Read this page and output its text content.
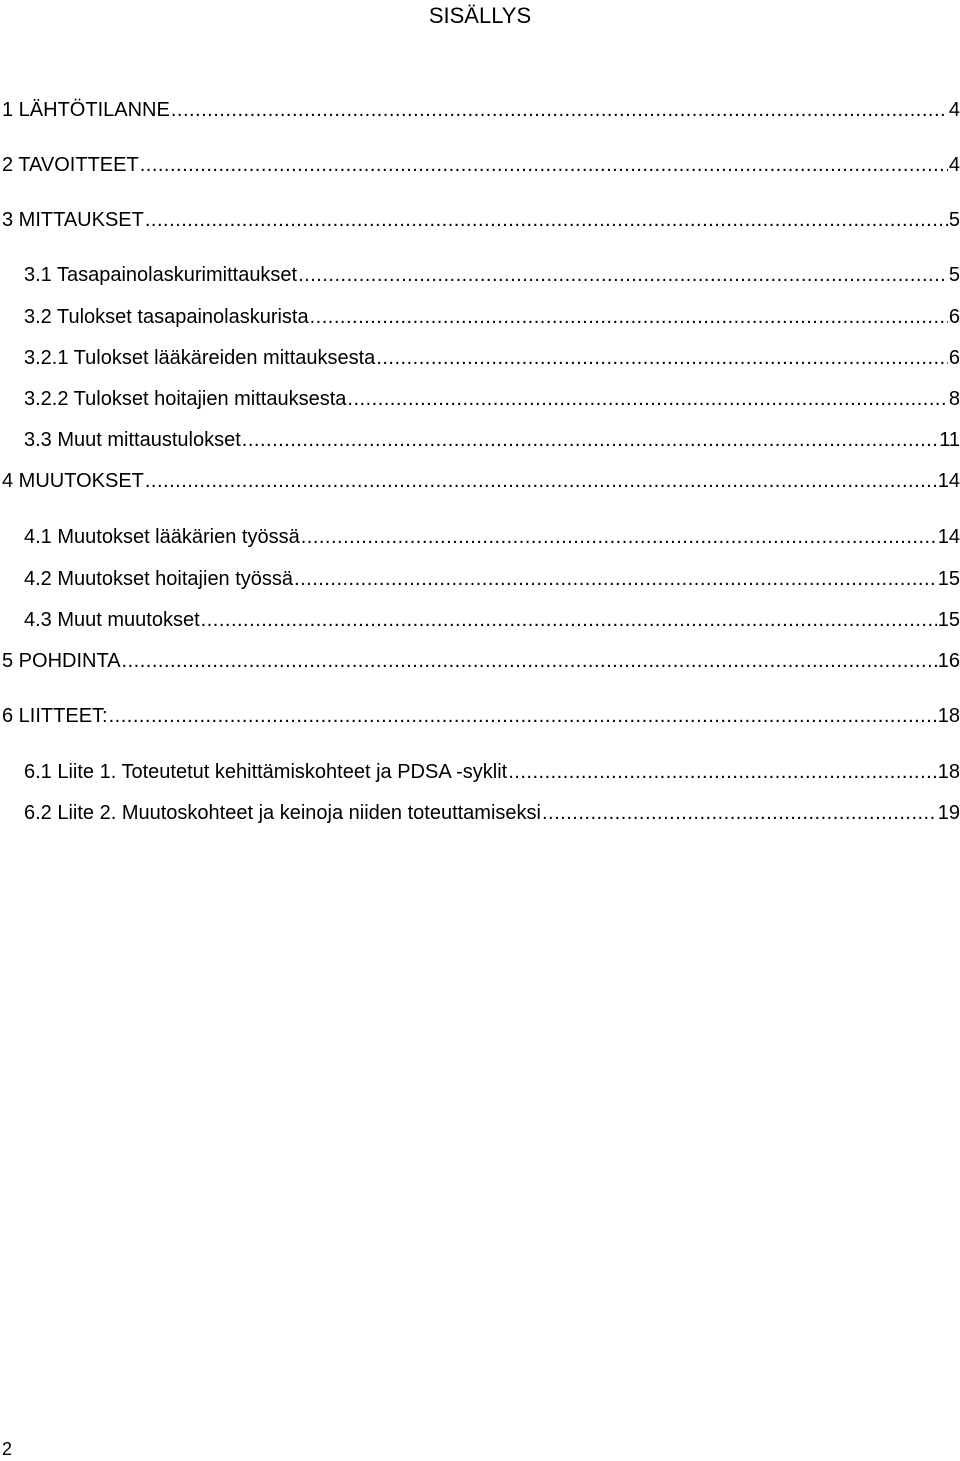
SISÄLLYS
1 LÄHTÖTILANNE .....	4
2 TAVOITTEET .....	4
3 MITTAUKSET .....	5
3.1 Tasapainolaskurimittaukset .....	5
3.2 Tulokset tasapainolaskurista .....	6
3.2.1 Tulokset lääkäreiden mittauksesta .....	6
3.2.2 Tulokset hoitajien mittauksesta .....	8
3.3 Muut mittaustulokset .....	11
4 MUUTOKSET .....	14
4.1 Muutokset lääkärien työssä .....	14
4.2 Muutokset hoitajien työssä .....	15
4.3 Muut muutokset .....	15
5 POHDINTA .....	16
6 LIITTEET: .....	18
6.1 Liite 1. Toteutetut kehittämiskohteet ja PDSA -syklit .....	18
6.2 Liite 2. Muutoskohteet ja keinoja niiden toteuttamiseksi .....	19
2
